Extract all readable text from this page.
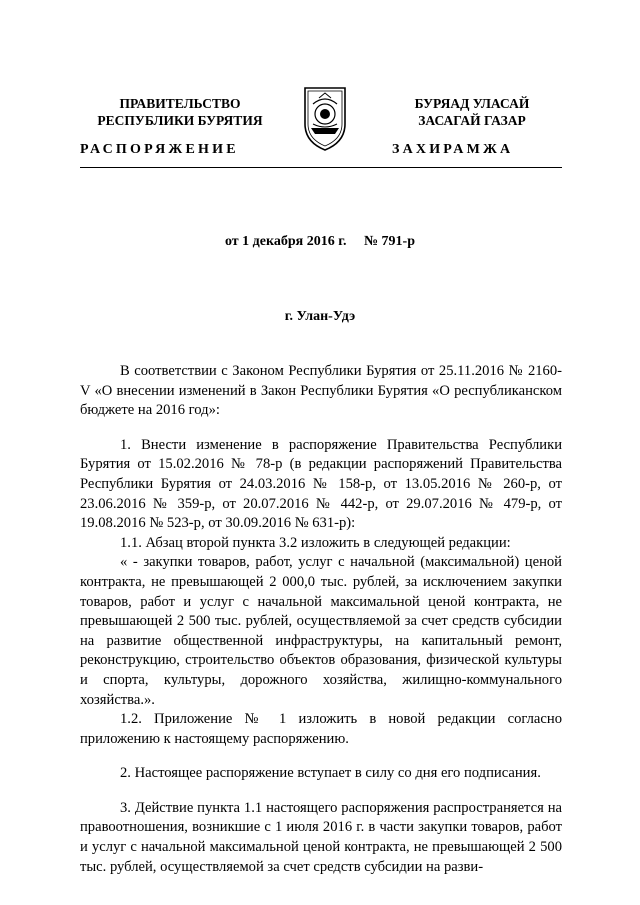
ПРАВИТЕЛЬСТВО
РЕСПУБЛИКИ БУРЯТИЯ
БУРЯАД УЛАСАЙ
ЗАСАГАЙ ГАЗАР
РАСПОРЯЖЕНИЕ	ЗАХИРАМЖА
от 1 декабря 2016 г. № 791-р
г. Улан-Удэ

В соответствии с Законом Республики Бурятия от 25.11.2016 № 2160-V «О внесении изменений в Закон Республики Бурятия «О республиканском бюджете на 2016 год»:

1. Внести изменение в распоряжение Правительства Республики Бурятия от 15.02.2016 № 78-р (в редакции распоряжений Правительства Республики Бурятия от 24.03.2016 № 158-р, от 13.05.2016 № 260-р, от 23.06.2016 № 359-р, от 20.07.2016 № 442-р, от 29.07.2016 № 479-р, от 19.08.2016 № 523-р, от 30.09.2016 № 631-р):

1.1. Абзац второй пункта 3.2 изложить в следующей редакции:

« - закупки товаров, работ, услуг с начальной (максимальной) ценой контракта, не превышающей 2 000,0 тыс. рублей, за исключением закупки товаров, работ и услуг с начальной максимальной ценой контракта, не превышающей 2 500 тыс. рублей, осуществляемой за счет средств субсидии на развитие общественной инфраструктуры, на капитальный ремонт, реконструкцию, строительство объектов образования, физической культуры и спорта, культуры, дорожного хозяйства, жилищно-коммунального хозяйства.».

1.2. Приложение № 1 изложить в новой редакции согласно приложению к настоящему распоряжению.

2. Настоящее распоряжение вступает в силу со дня его подписания.

3. Действие пункта 1.1 настоящего распоряжения распространяется на правоотношения, возникшие с 1 июля 2016 г. в части закупки товаров, работ и услуг с начальной максимальной ценой контракта, не превышающей 2 500 тыс. рублей, осуществляемой за счет средств субсидии на разви-
